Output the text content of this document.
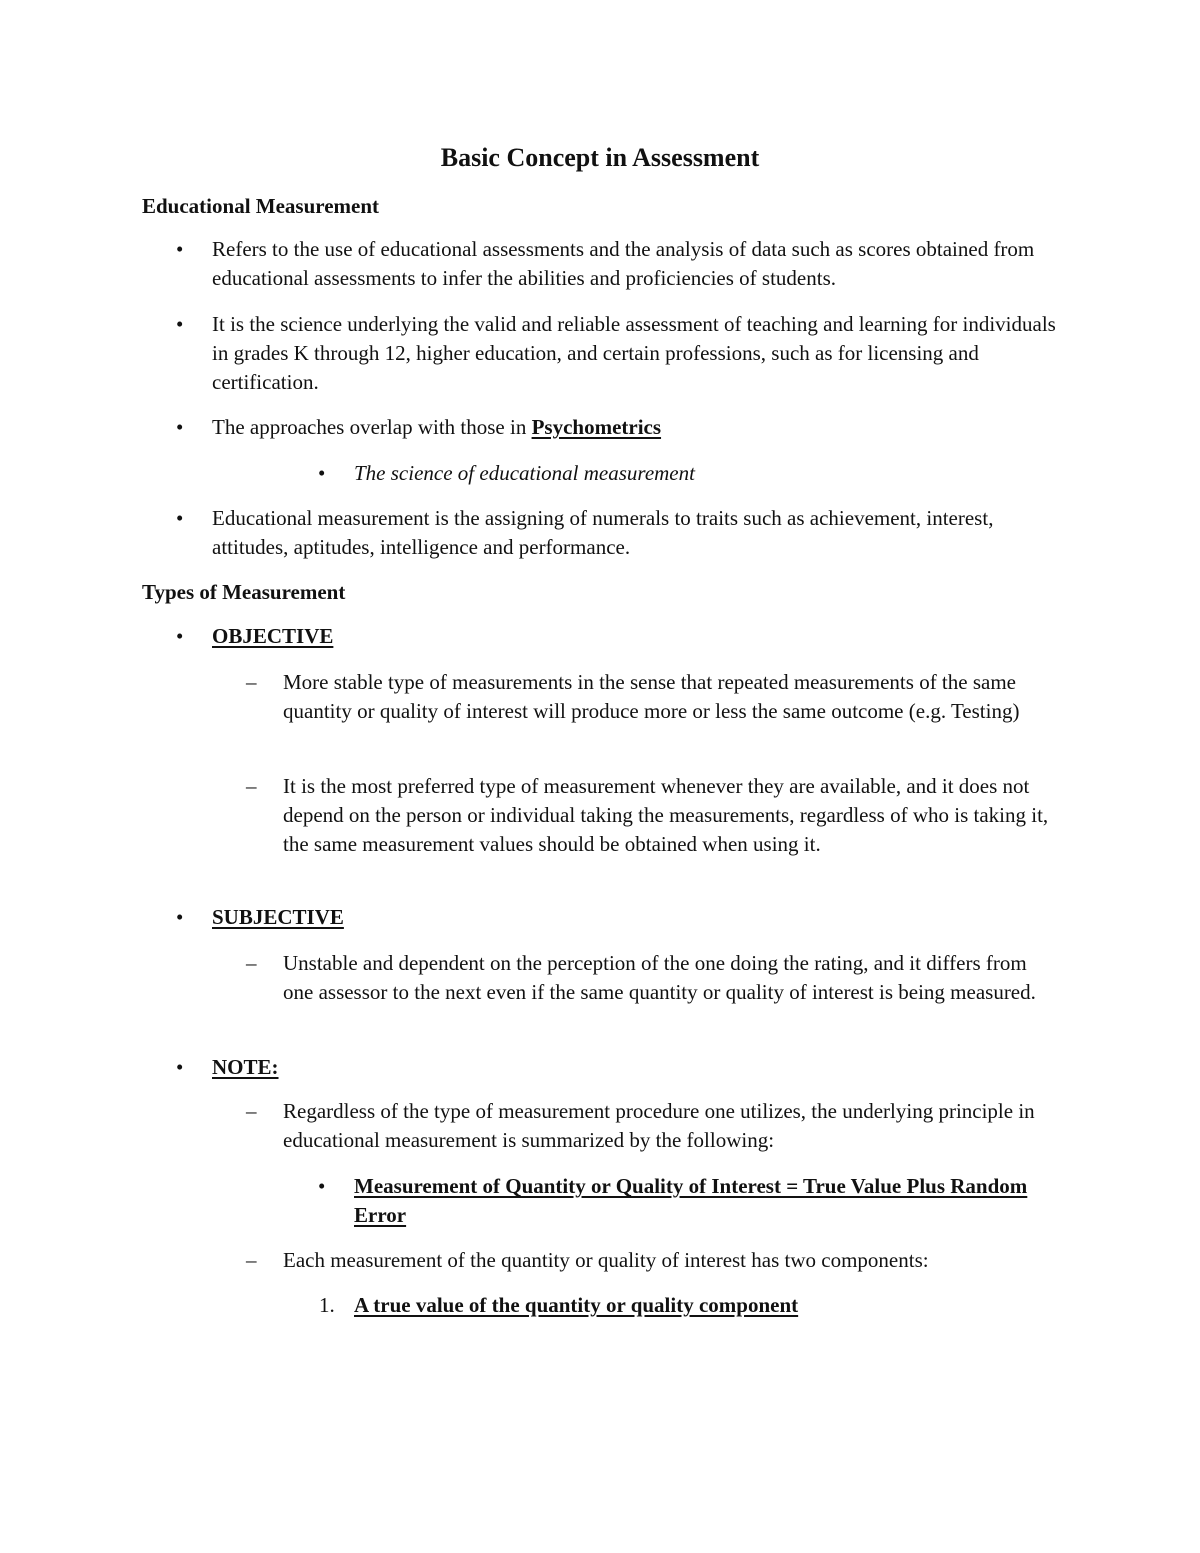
Basic Concept in Assessment
Educational Measurement
• Refers to the use of educational assessments and the analysis of data such as scores obtained from educational assessments to infer the abilities and proficiencies of students.
• It is the science underlying the valid and reliable assessment of teaching and learning for individuals in grades K through 12, higher education, and certain professions, such as for licensing and certification.
• The approaches overlap with those in Psychometrics
• The science of educational measurement
• Educational measurement is the assigning of numerals to traits such as achievement, interest, attitudes, aptitudes, intelligence and performance.
Types of Measurement
• OBJECTIVE
– More stable type of measurements in the sense that repeated measurements of the same quantity or quality of interest will produce more or less the same outcome (e.g. Testing)
– It is the most preferred type of measurement whenever they are available, and it does not depend on the person or individual taking the measurements, regardless of who is taking it, the same measurement values should be obtained when using it.
• SUBJECTIVE
– Unstable and dependent on the perception of the one doing the rating, and it differs from one assessor to the next even if the same quantity or quality of interest is being measured.
• NOTE:
– Regardless of the type of measurement procedure one utilizes, the underlying principle in educational measurement is summarized by the following:
• Measurement of Quantity or Quality of Interest = True Value Plus Random Error
– Each measurement of the quantity or quality of interest has two components:
1. A true value of the quantity or quality component
